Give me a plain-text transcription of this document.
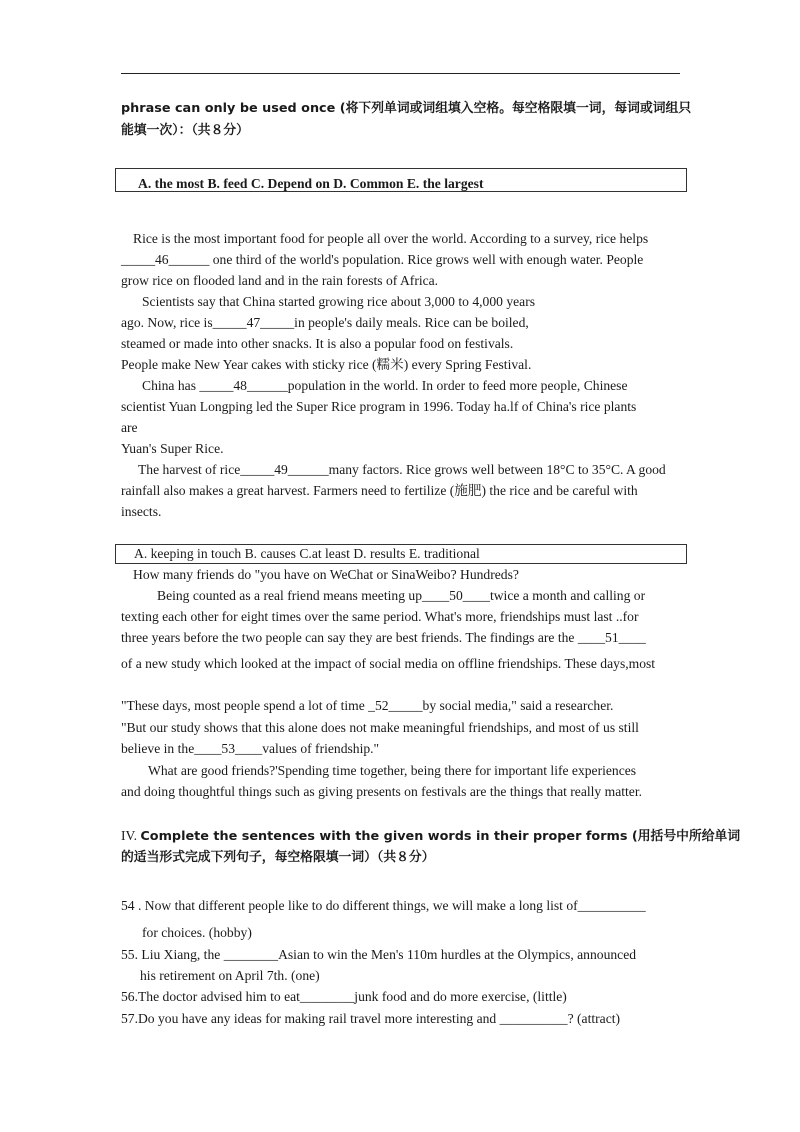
phrase can only be used once (将下列单词或词组填入空格。每空格限填一词，每词或词组只
能填一次）：（共８分）
A. the most B. feed C. Depend on D. Common E. the largest
Rice is the most important food for people all over the world. According to a survey, rice helps
_____46______ one third of the world's population. Rice grows well with enough water. People
grow rice on flooded land and in the rain forests of Africa.
Scientists say that China started growing rice about 3,000 to 4,000 years
ago. Now, rice is_____47_____in people's daily meals. Rice can be boiled,
steamed or made into other snacks. It is also a popular food on festivals.
People make New Year cakes with sticky rice (糯米) every Spring Festival.
China has _____48______population in the world. In order to feed more people, Chinese
scientist Yuan Longping led the Super Rice program in 1996. Today ha.lf of China's rice plants
are
Yuan's Super Rice.
The harvest of rice_____49______many factors. Rice grows well between 18°C to 35°C. A good
rainfall also makes a great harvest. Farmers need to fertilize (施肥) the rice and be careful with
insects.
A. keeping in touch B. causes C.at least D. results E. traditional
How many friends do "you have on WeChat or SinaWeibo? Hundreds?
Being counted as a real friend means meeting up____50____twice a month and calling or
texting each other for eight times over the same period. What's more, friendships must last ..for
three years before the two people can say they are best friends. The findings are the ____51____
of a new study which looked at the impact of social media on offline friendships. These days,most
"These days, most people spend a lot of time _52_____by social media," said a researcher.
"But our study shows that this alone does not make meaningful friendships, and most of us still
believe in the____53____values of friendship."
What are good friends?'Spending time together, being there for important life experiences
and doing thoughtful things such as giving presents on festivals are the things that really matter.
IV. Complete the sentences with the given words in their proper forms (用括号中所给单词
的适当形式完成下列句子，每空格限填一词）（共８分）
54 . Now that different people like to do different things, we will make a long list of__________
for choices. (hobby)
55. Liu Xiang, the ________Asian to win the Men's 110m hurdles at the Olympics, announced
his retirement on April 7th. (one)
56.The doctor advised him to eat________junk food and do more exercise, (little)
57.Do you have any ideas for making rail travel more interesting and __________? (attract)
